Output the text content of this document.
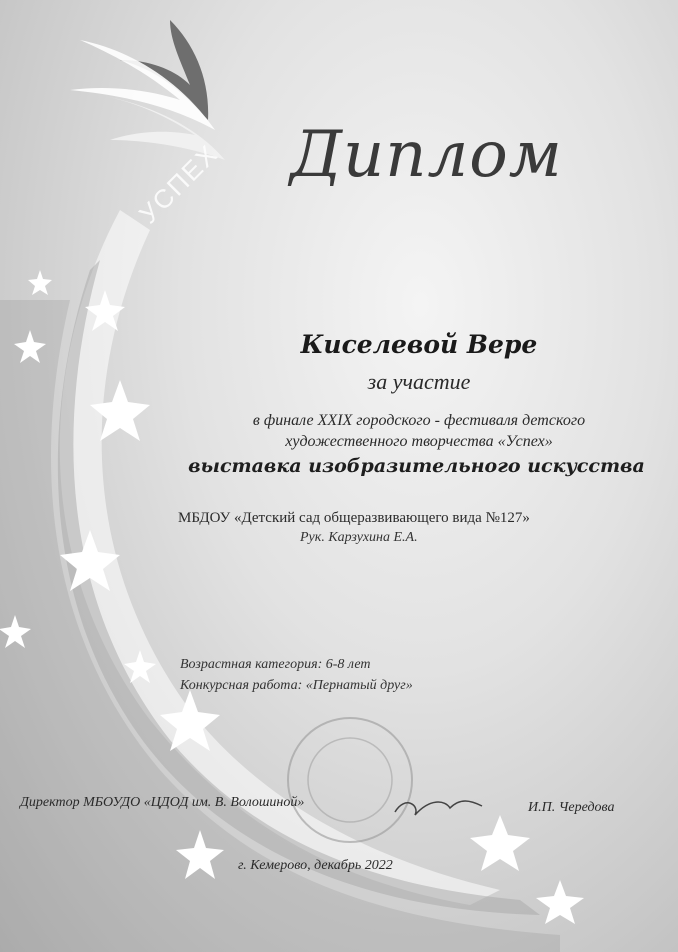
УСПЕХ Диплом
Киселевой Вере
за участие
в финале XXIX городского - фестиваля детского
художественного творчества «Успех»
выставка изобразительного искусства
МБДОУ «Детский сад общеразвивающего вида №127»
Рук. Карзухина Е.А.
Возрастная категория: 6-8 лет
Конкурсная работа: «Пернатый друг»
Директор МБОУДО «ЦДОД им. В. Волошиной»	И.П. Чередова
г. Кемерово, декабрь 2022
